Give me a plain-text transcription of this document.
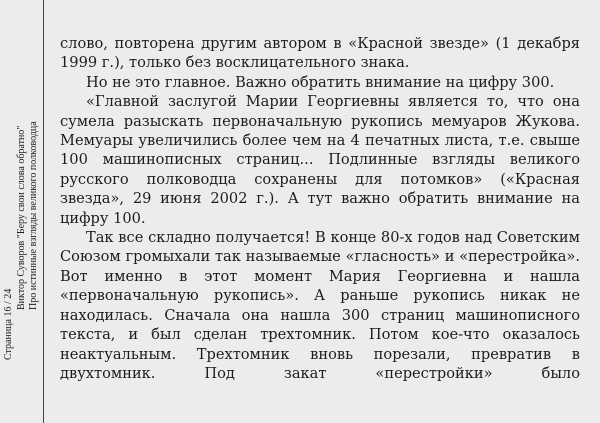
Страница 16 / 24
Виктор Суворов "Беру свои слова обратно" Про истинные взгляды великого полководца

слово, повторена другим автором в «Красной звезде» (1 декабря 1999 г.), только без восклицательного знака.

Но не это главное. Важно обратить внимание на цифру 300.

«Главной заслугой Марии Георгиевны является то, что она сумела разыскать первоначальную рукопись мемуаров Жукова. Мемуары увеличились более чем на 4 печатных листа, т.е. свыше 100 машинописных страниц... Подлинные взгляды великого русского полководца сохранены для потомков» («Красная звезда», 29 июня 2002 г.). А тут важно обратить внимание на цифру 100.

Так все складно получается! В конце 80-х годов над Советским Союзом громыхали так называемые «гласность» и «перестройка». Вот именно в этот момент Мария Георгиевна и нашла «первоначальную рукопись». А раньше рукопись никак не находилась. Сначала она нашла 300 страниц машинописного текста, и был сделан трехтомник. Потом кое-что оказалось неактуальным. Трехтомник вновь порезали, превратив в двухтомник. Под закат «перестройки» было
